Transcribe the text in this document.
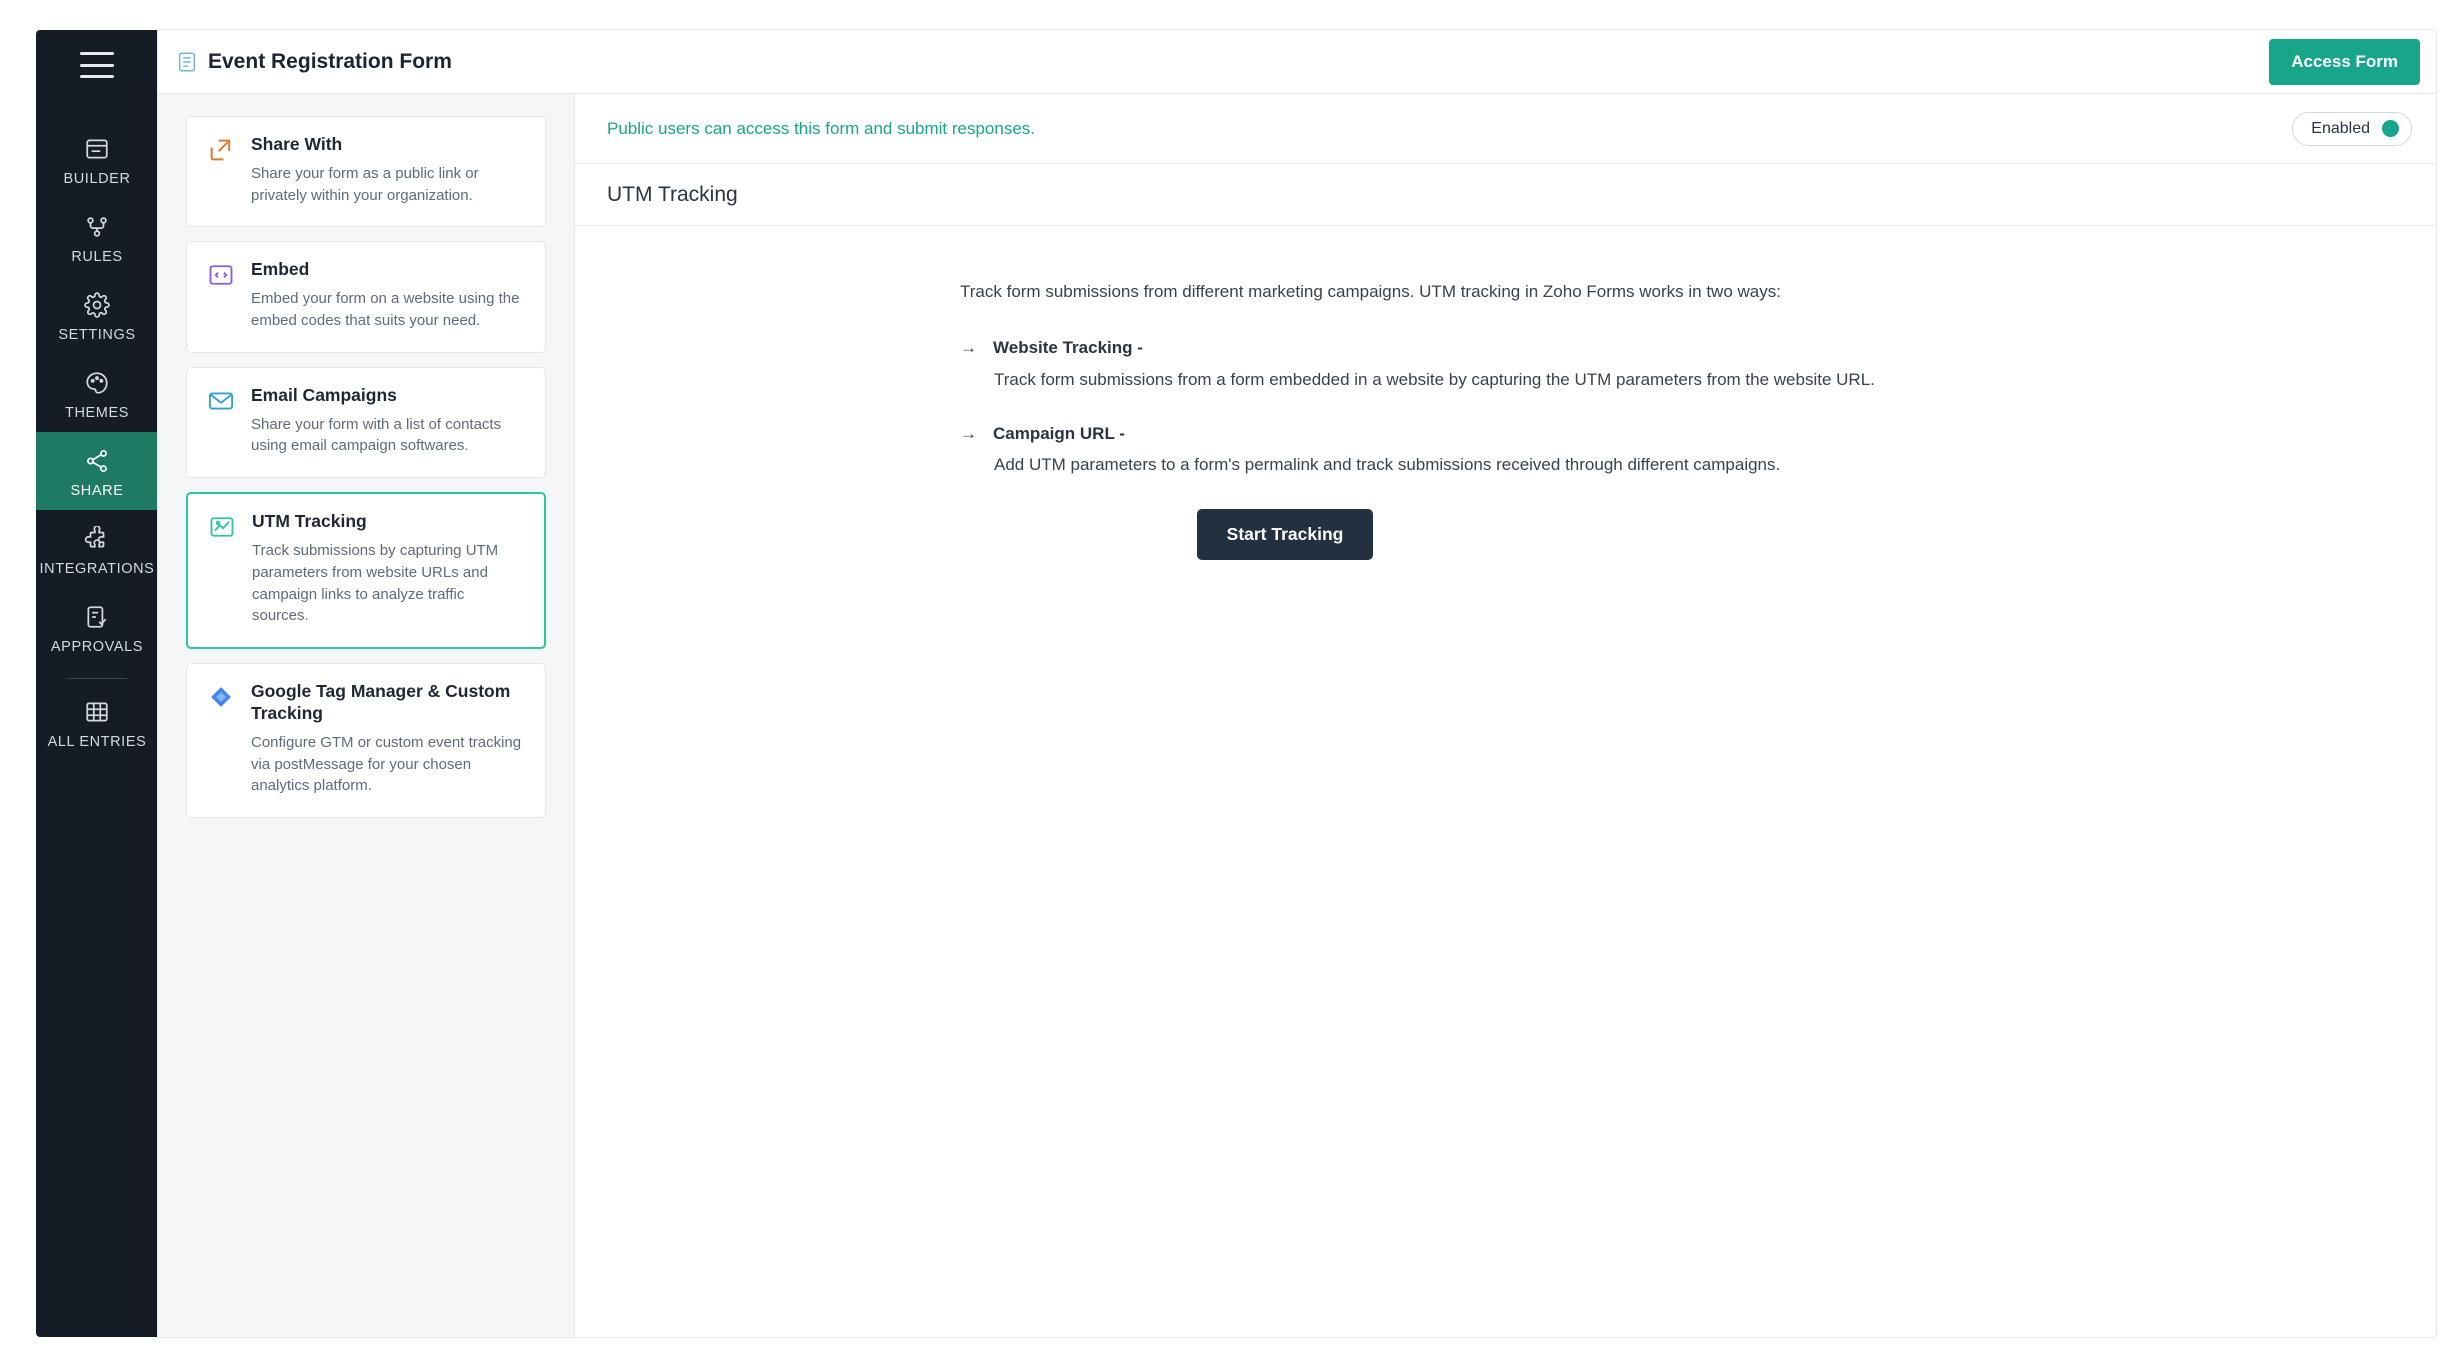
BUILDER
RULES
SETTINGS
THEMES
SHARE
INTEGRATIONS
APPROVALS
ALL ENTRIES
Event Registration Form	Access Form
Share With
Share your form as a public link or privately within your organization.
Embed
Embed your form on a website using the embed codes that suits your need.
Email Campaigns
Share your form with a list of contacts using email campaign softwares.
UTM Tracking
Track submissions by capturing UTM parameters from website URLs and campaign links to analyze traffic sources.
Google Tag Manager & Custom Tracking
Configure GTM or custom event tracking via postMessage for your chosen analytics platform.
Public users can access this form and submit responses.	Enabled
UTM Tracking
Track form submissions from different marketing campaigns. UTM tracking in Zoho Forms works in two ways:
→ Website Tracking -
Track form submissions from a form embedded in a website by capturing the UTM parameters from the website URL.
→ Campaign URL -
Add UTM parameters to a form's permalink and track submissions received through different campaigns.
Start Tracking
